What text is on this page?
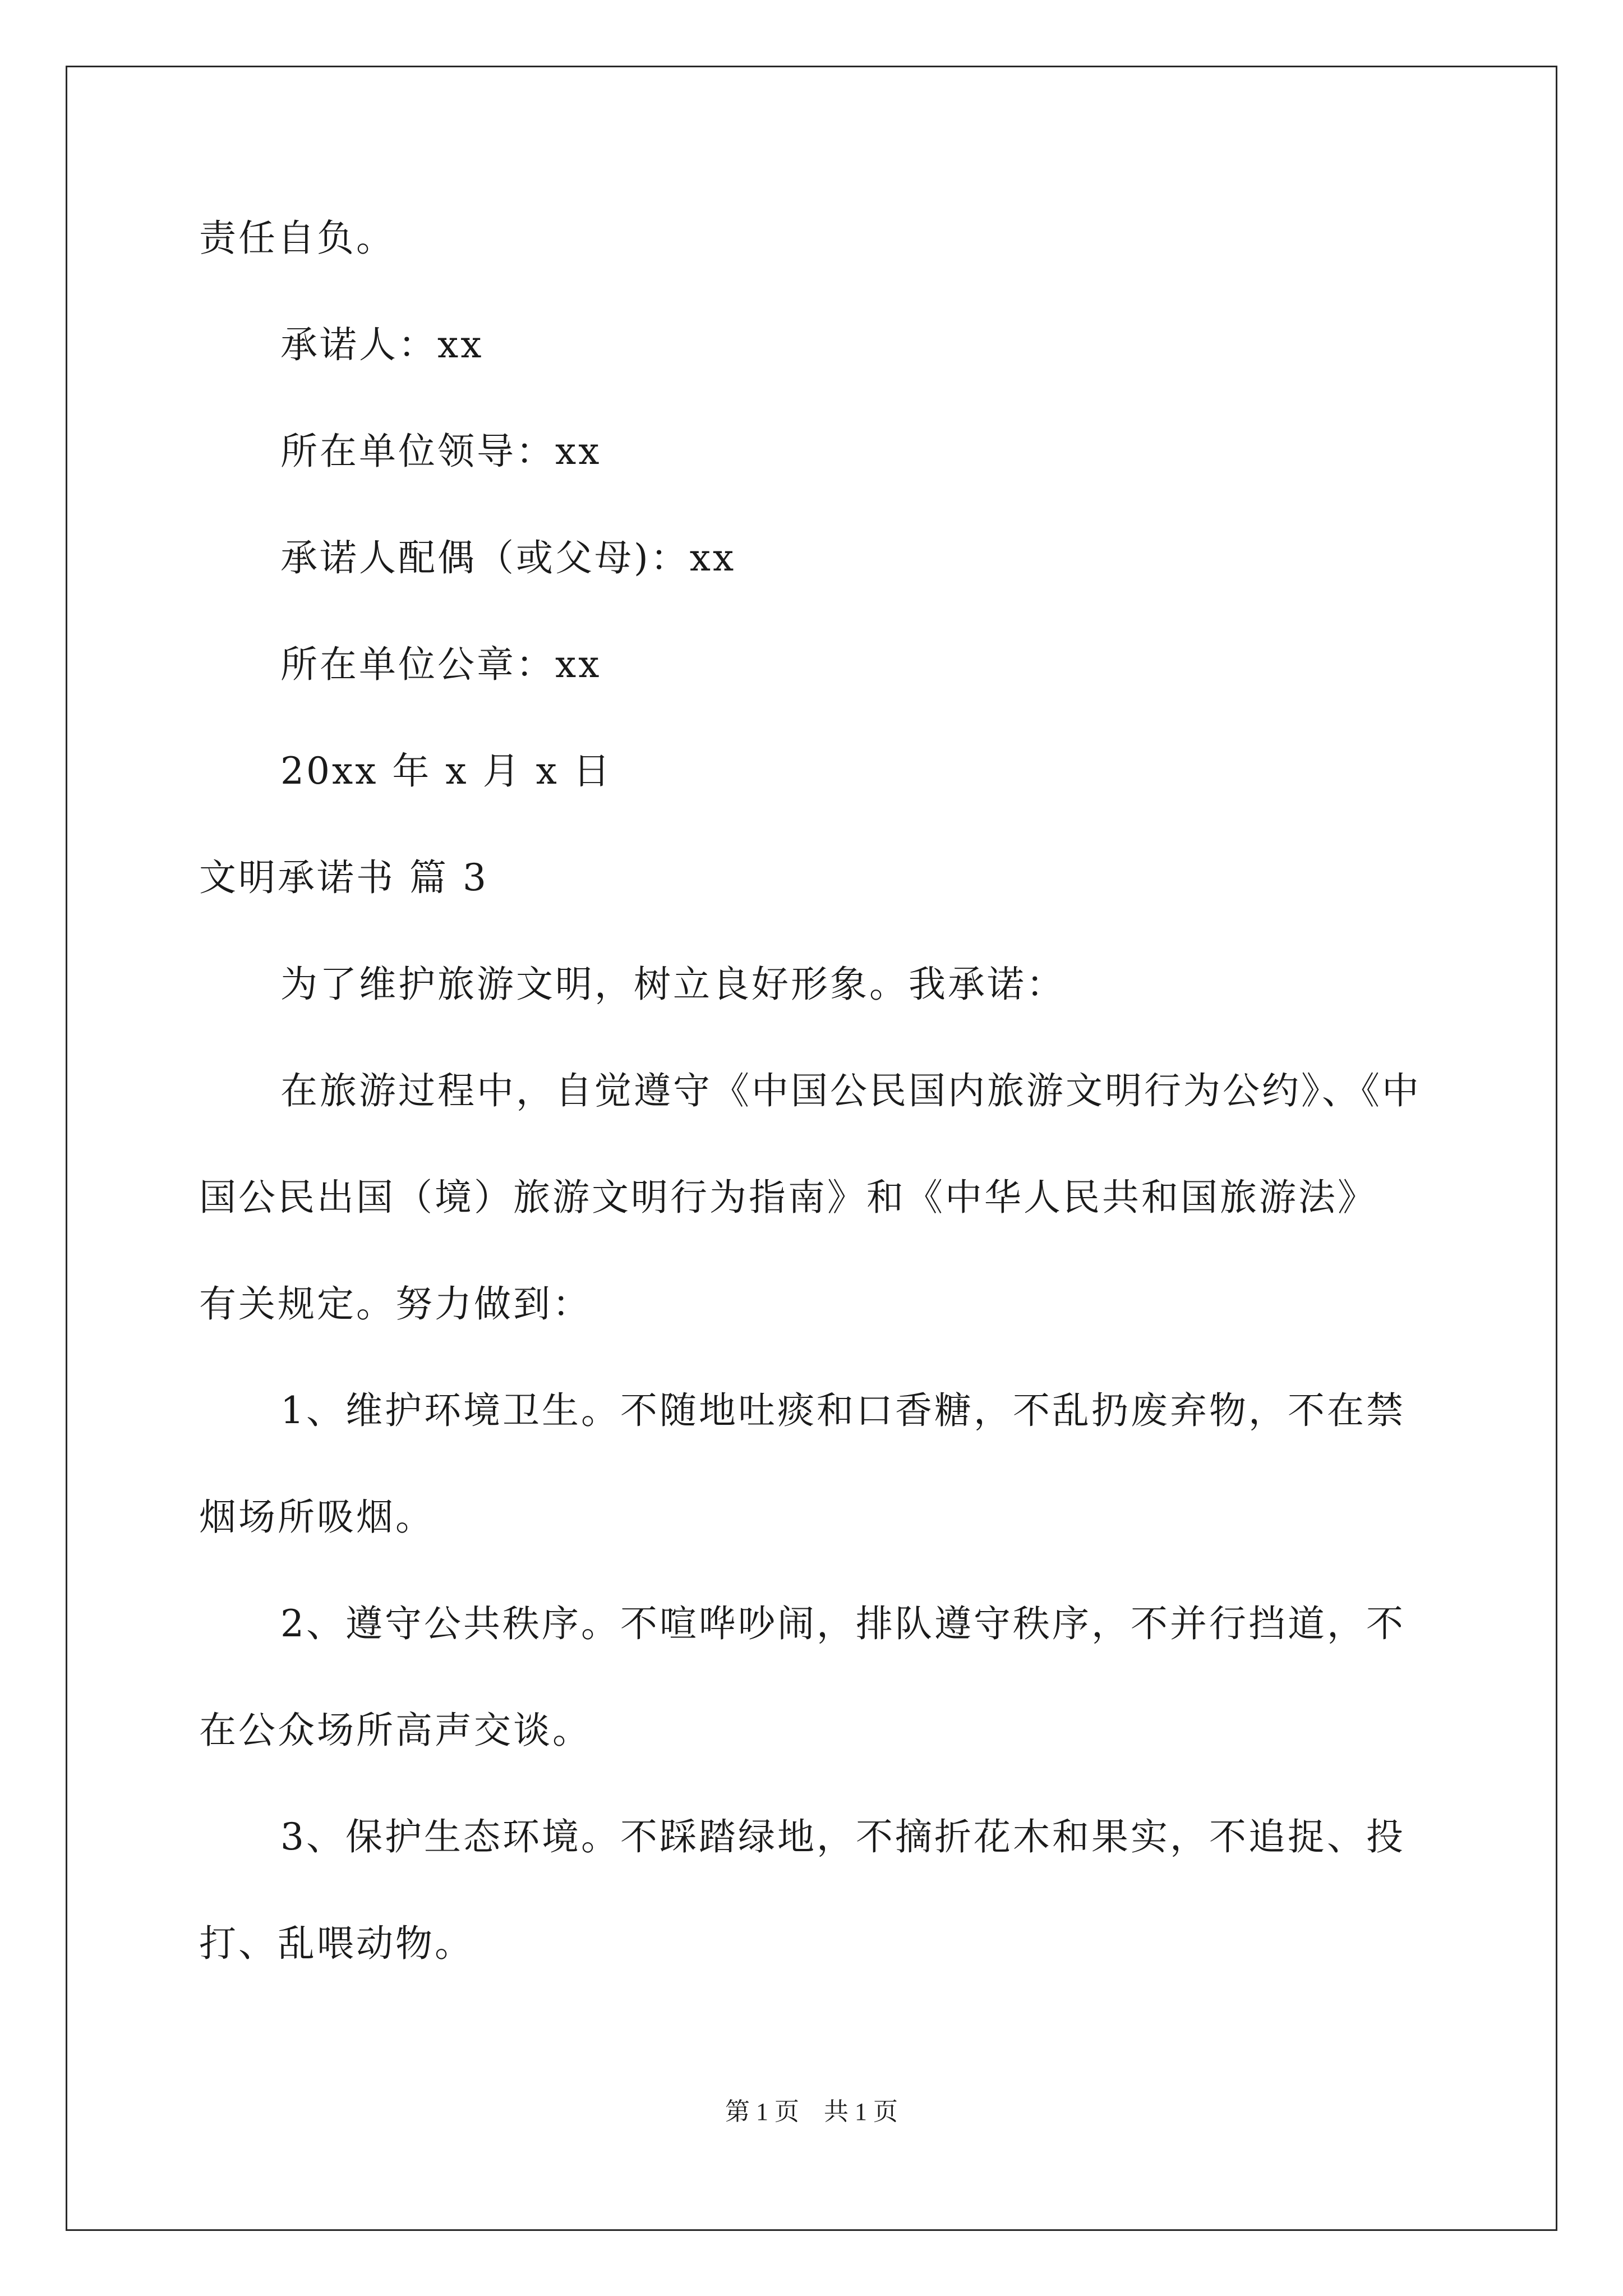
责任自负。
承诺人：xx
所在单位领导：xx
承诺人配偶（或父母)：xx
所在单位公章：xx
20xx 年 x 月 x 日
文明承诺书 篇 3
为了维护旅游文明，树立良好形象。我承诺：
在旅游过程中，自觉遵守《中国公民国内旅游文明行为公约》、《中
国公民出国（境）旅游文明行为指南》和《中华人民共和国旅游法》
有关规定。努力做到：
1、维护环境卫生。不随地吐痰和口香糖，不乱扔废弃物，不在禁
烟场所吸烟。
2、遵守公共秩序。不喧哗吵闹，排队遵守秩序，不并行挡道，不
在公众场所高声交谈。
3、保护生态环境。不踩踏绿地，不摘折花木和果实，不追捉、投
打、乱喂动物。
第 1 页　共 1 页
